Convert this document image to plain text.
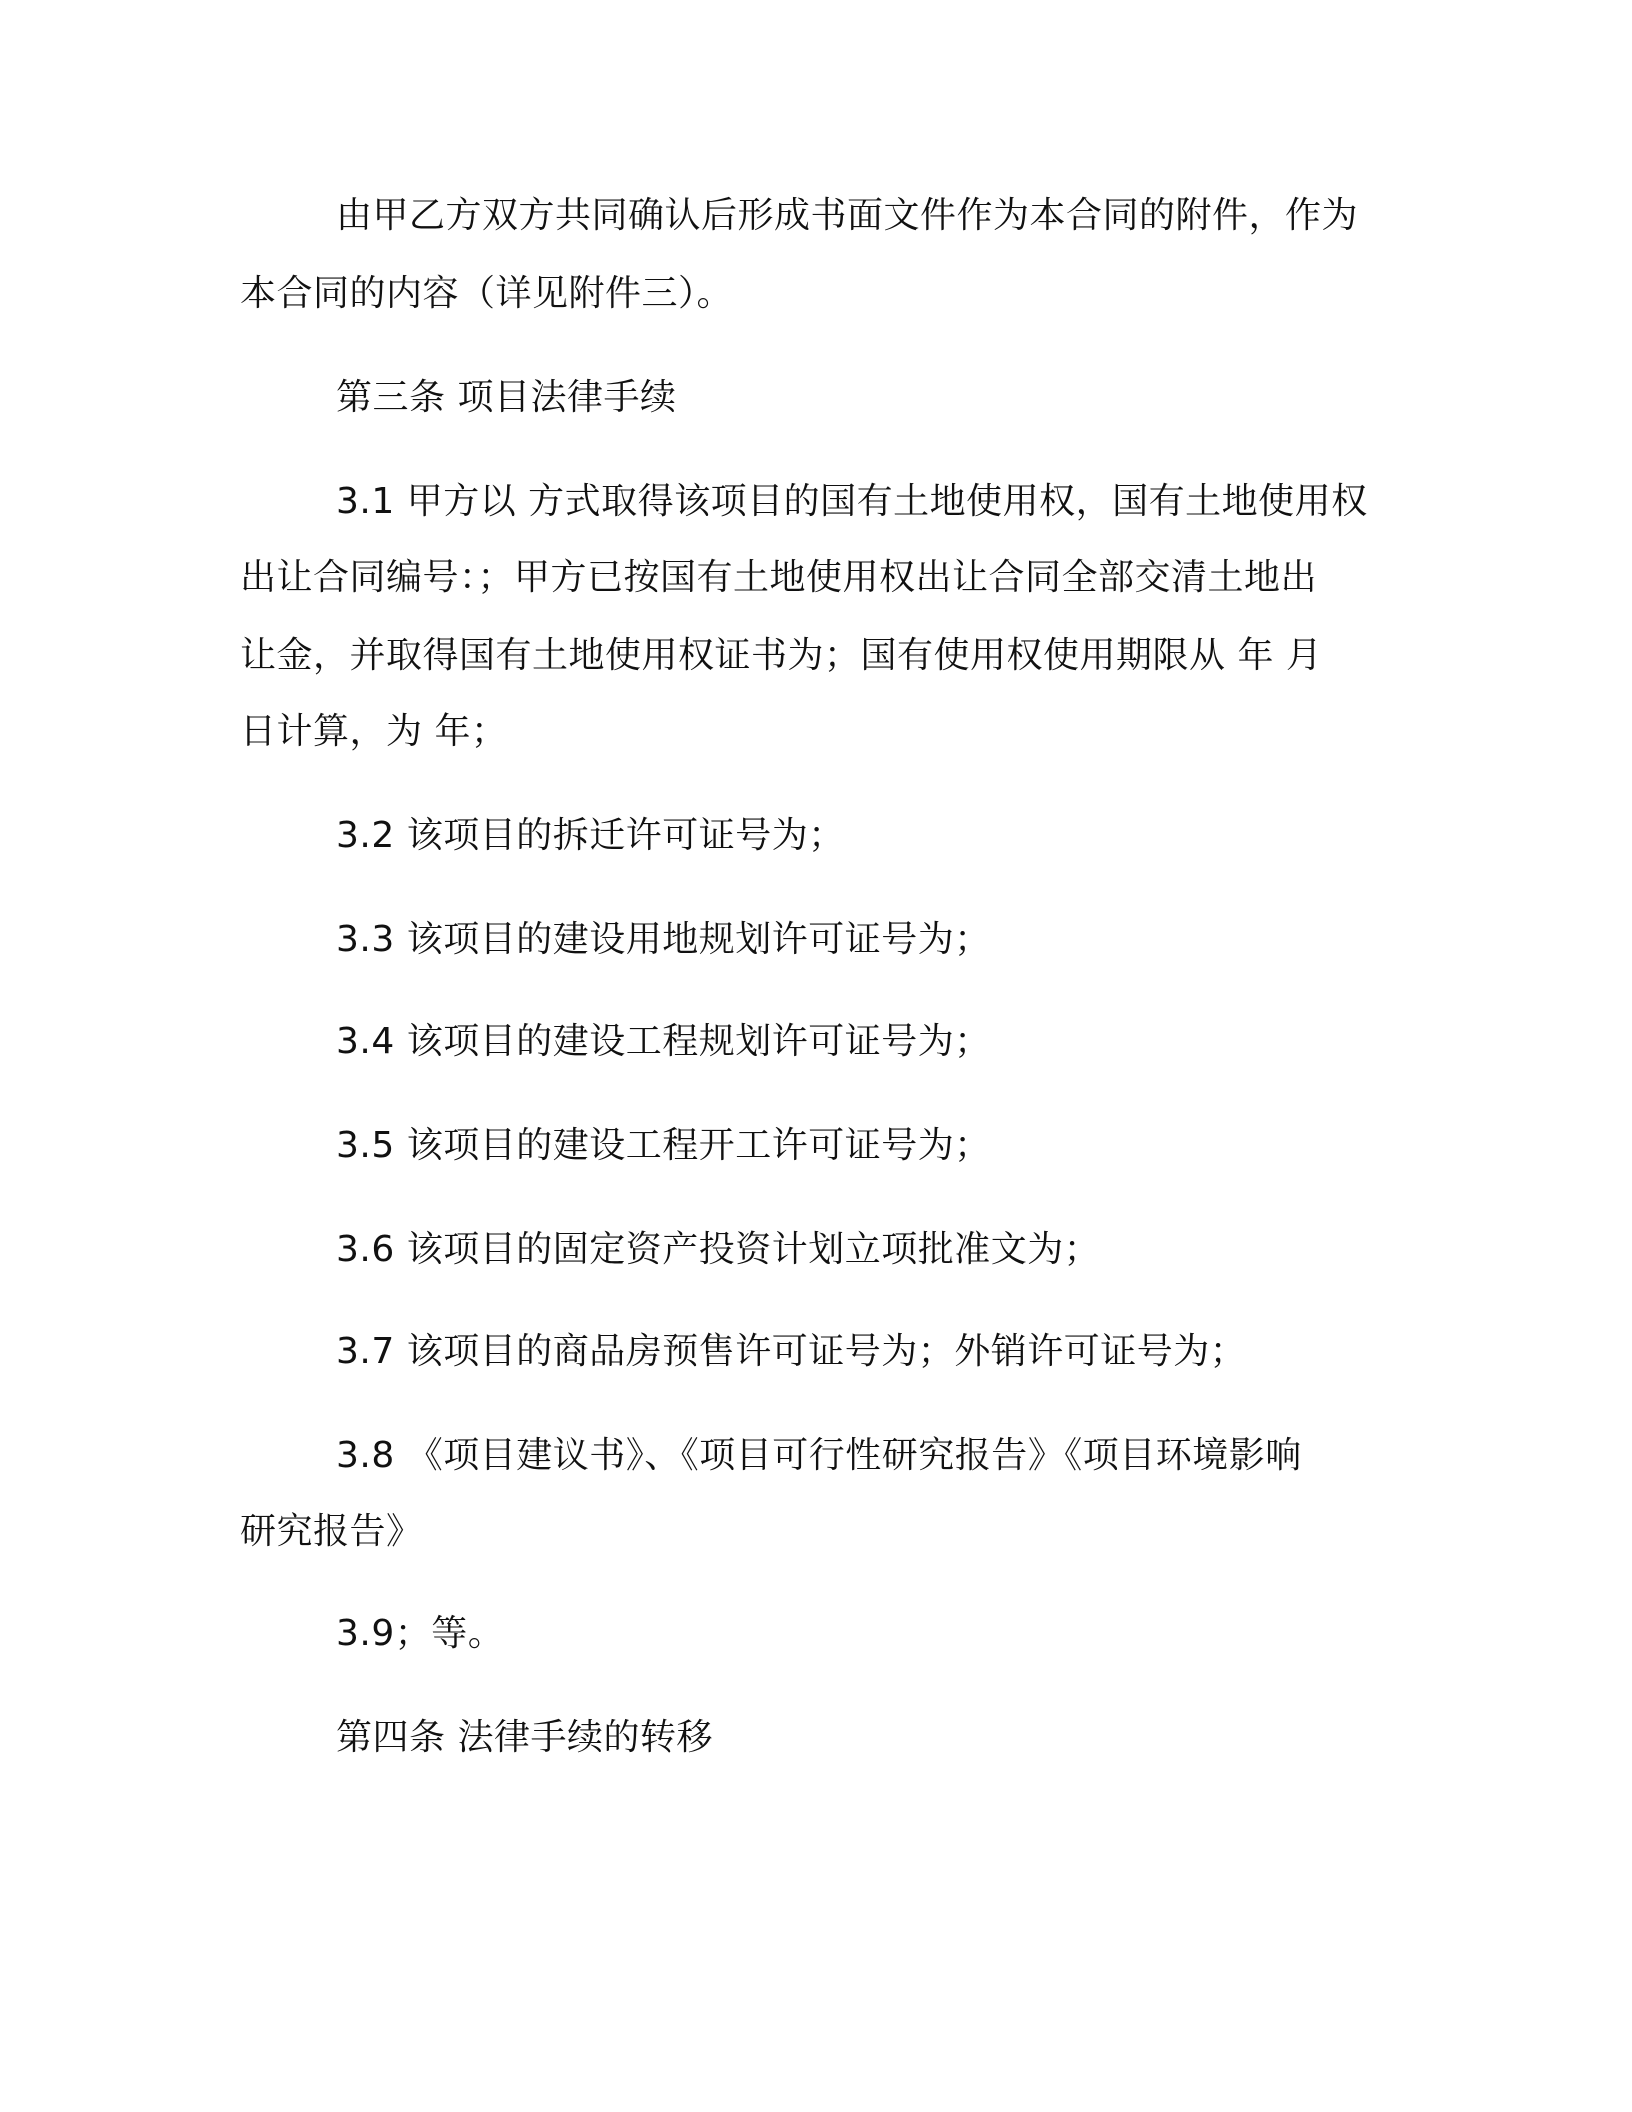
由甲乙方双方共同确认后形成书面文件作为本合同的附件，作为
本合同的内容（详见附件三）。
第三条 项目法律手续
3.1 甲方以 方式取得该项目的国有土地使用权，国有土地使用权
出让合同编号：；甲方已按国有土地使用权出让合同全部交清土地出
让金，并取得国有土地使用权证书为；国有使用权使用期限从 年 月
日计算，为 年；
3.2 该项目的拆迁许可证号为；
3.3 该项目的建设用地规划许可证号为；
3.4 该项目的建设工程规划许可证号为；
3.5 该项目的建设工程开工许可证号为；
3.6 该项目的固定资产投资计划立项批准文为；
3.7 该项目的商品房预售许可证号为；外销许可证号为；
3.8 《项目建议书》、《项目可行性研究报告》《项目环境影响
研究报告》
3.9；等。
第四条 法律手续的转移
